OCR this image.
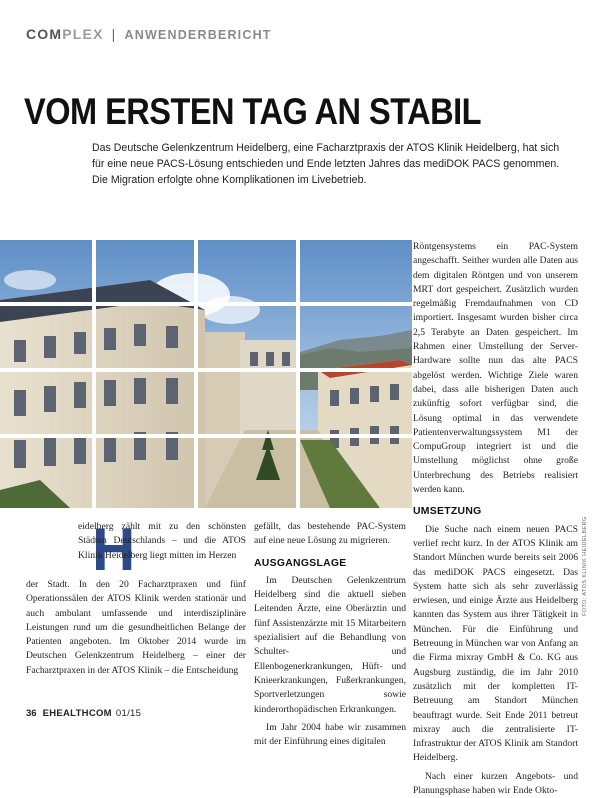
COMPLEX | ANWENDERBERICHT
VOM ERSTEN TAG AN STABIL
Das Deutsche Gelenkzentrum Heidelberg, eine Facharztpraxis der ATOS Klinik Heidelberg, hat sich für eine neue PACS-Lösung entschieden und Ende letzten Jahres das mediDOK PACS genommen. Die Migration erfolgte ohne Komplikationen im Livebetrieb.
FOTO: ATOS KLINIK HEIDELBERG
H

eidelberg zählt mit zu den schönsten Städten Deutschlands – und die ATOS Klinik Heidelberg liegt mitten im Herzen

der Stadt. In den 20 Facharztpraxen und fünf Operationssälen der ATOS Klinik werden stationär und auch ambulant umfassende und interdisziplinäre Leistungen rund um die gesundheitlichen Belange der Patienten angeboten. Im Oktober 2014 wurde im Deutschen Gelenkzentrum Heidelberg – einer der Facharztpraxen in der ATOS Klinik – die Entscheidung

gefällt, das bestehende PAC-System auf eine neue Lösung zu migrieren.

AUSGANGSLAGE

Im Deutschen Gelenkzentrum Heidelberg sind die aktuell sieben Leitenden Ärzte, eine Oberärztin und fünf Assistenzärzte mit 15 Mitarbeitern spezialisiert auf die Behandlung von Schulter- und Ellenbogenerkrankungen, Hüft- und Knieerkrankungen, Fußerkrankungen, Sportverletzungen sowie kinderorthopädischen Erkrankungen.

Im Jahr 2004 habe wir zusammen mit der Einführung eines digitalen

Röntgensystems ein PAC-System angeschafft. Seither wurden alle Daten aus dem digitalen Röntgen und von unserem MRT dort gespeichert. Zusätzlich wurden regelmäßig Fremdaufnahmen von CD importiert. Insgesamt wurden bisher circa 2,5 Terabyte an Daten gespeichert. Im Rahmen einer Umstellung der Server-Hardware sollte nun das alte PACS abgelöst werden. Wichtige Ziele waren dabei, dass alle bisherigen Daten auch zukünftig sofort verfügbar sind, die Lösung optimal in das verwendete Patientenverwaltungssystem M1 der CompuGroup integriert ist und die Umstellung möglichst ohne große Unterbrechung des Betriebs realisiert werden kann.

UMSETZUNG

Die Suche nach einem neuen PACS verlief recht kurz. In der ATOS Klinik am Standort München wurde bereits seit 2006 das mediDOK PACS eingesetzt. Das System hatte sich als sehr zuverlässig erwiesen, und einige Ärzte aus Heidelberg kannten das System aus ihrer Tätigkeit in München. Für die Einführung und Betreuung in München war von Anfang an die Firma mixray GmbH & Co. KG aus Augsburg zuständig, die im Jahr 2010 zusätzlich mit der kompletten IT-Betreuung am Standort München beauftragt wurde. Seit Ende 2011 betreut mixray auch die zentralisierte IT-Infrastruktur der ATOS Klinik am Standort Heidelberg.

Nach einer kurzen Angebots- und Planungsphase haben wir Ende Okto-

36 EHEALTHCOM 01/15
